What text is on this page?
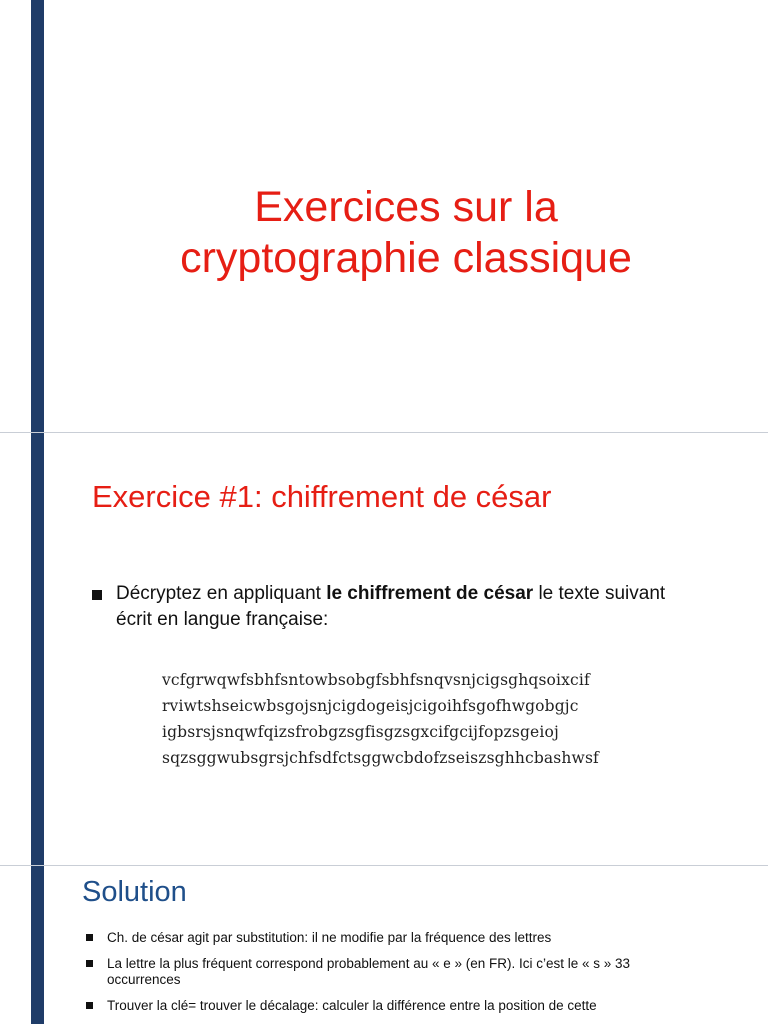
Exercices sur la
cryptographie classique
Exercice #1: chiffrement de césar
Décryptez en appliquant le chiffrement de césar le texte suivant écrit en langue française:
vcfgrwqwfsbhfsntowbsobgfsbhfsnqvsnjcigsghqsoixcif
rviwtshseicwbsgojsnjcigdogeisjcigoihfsgofhwgobgjc
igbsrsjsnqwfqizsfrobgzsgfisgzsgxcifgcijfopzsgeioj
sqzsggwubsgrsjchfsdfctsggwcbdofzseiszsghhcbashwsf
Solution
Ch. de césar agit par substitution: il ne modifie par la fréquence des lettres
La lettre la plus fréquent correspond probablement au « e » (en FR). Ici c’est le « s » 33 occurrences
Trouver la clé= trouver le décalage: calculer la différence entre la position de cette
